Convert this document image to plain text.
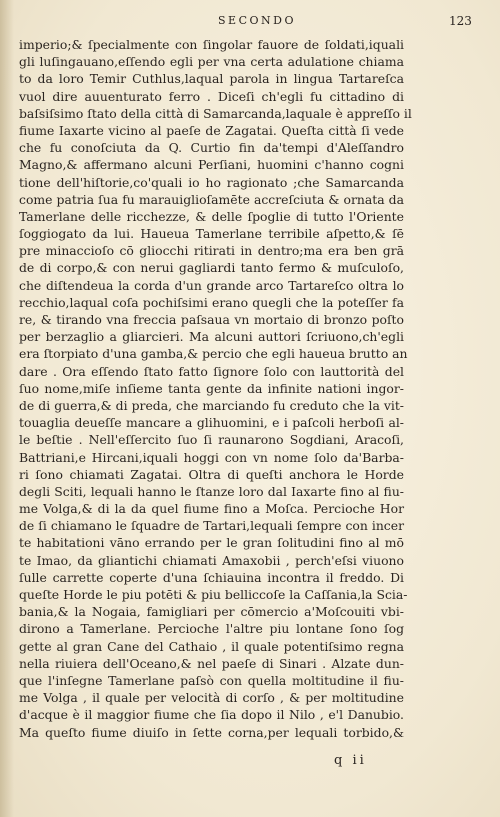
SECONDO	123
imperio;& ſpecialmente con ſingolar fauore de ſoldati,iquali
gli luſingauano,eſſendo egli per vna certa adulatione chiama
to da loro Temir Cuthlus,laqual parola in lingua Tartareſca
vuol dire auuenturato ferro . Diceſi ch'egli fu cittadino di
baſsiſsimo ſtato della città di Samarcanda,laquale è appreſſo il
fiume Iaxarte vicino al paeſe de Zagatai. Queſta città ſi vede
che fu conoſciuta da Q. Curtio fin da'tempi d'Aleſſandro
Magno,& affermano alcuni Perſiani, huomini c'hanno cogni
tione dell'hiſtorie,co'quali io ho ragionato ;che Samarcanda
come patria ſua fu marauiglioſamēte accreſciuta & ornata da
Tamerlane delle ricchezze, & delle ſpoglie di tutto l'Oriente
ſoggiogato da lui. Haueua Tamerlane terribile aſpetto,& ſē
pre minaccioſo cō gliocchi ritirati in dentro;ma era ben grā
de di corpo,& con nerui gagliardi tanto fermo & muſculoſo,
che diſtendeua la corda d'un grande arco Tartareſco oltra lo
recchio,laqual coſa pochiſsimi erano quegli che la poteſſer fa
re, & tirando vna freccia paſsaua vn mortaio di bronzo poſto
per berzaglio a gliarcieri. Ma alcuni auttori ſcriuono,ch'egli
era ſtorpiato d'una gamba,& percio che egli haueua brutto an
dare . Ora eſſendo ſtato fatto ſignore ſolo con lauttorità del
ſuo nome,miſe inſieme tanta gente da infinite nationi ingor-
de di guerra,& di preda, che marciando fu creduto che la vit-
touaglia deueſſe mancare a glihuomini, e i paſcoli herboſi al-
le beſtie . Nell'eſſercito ſuo ſi raunarono Sogdiani, Aracoſi,
Battriani,e Hircani,iquali hoggi con vn nome ſolo da'Barba-
ri ſono chiamati Zagatai. Oltra di queſti anchora le Horde
degli Sciti, lequali hanno le ſtanze loro dal Iaxarte fino al fiu-
me Volga,& di la da quel fiume fino a Moſca. Percioche Hor
de ſi chiamano le ſquadre de Tartari,lequali ſempre con incer
te habitationi vāno errando per le gran ſolitudini fino al mō
te Imao, da gliantichi chiamati Amaxobii , perch'eſsi viuono
ſulle carrette coperte d'una ſchiauina incontra il freddo. Di
queſte Horde le piu potēti & piu belliccoſe la Caſſania,la Scia-
bania,& la Nogaia, famigliari per cōmercio a'Moſcouiti vbi-
dirono a Tamerlane. Percioche l'altre piu lontane ſono ſog
gette al gran Cane del Cathaio , il quale potentiſsimo regna
nella riuiera dell'Oceano,& nel paeſe di Sinari . Alzate dun-
que l'inſegne Tamerlane paſsò con quella moltitudine il fiu-
me Volga , il quale per velocità di corſo , & per moltitudine
d'acque è il maggior fiume che ſia dopo il Nilo , e'l Danubio.
Ma queſto fiume diuiſo in ſette corna,per lequali torbido,&
q ii
